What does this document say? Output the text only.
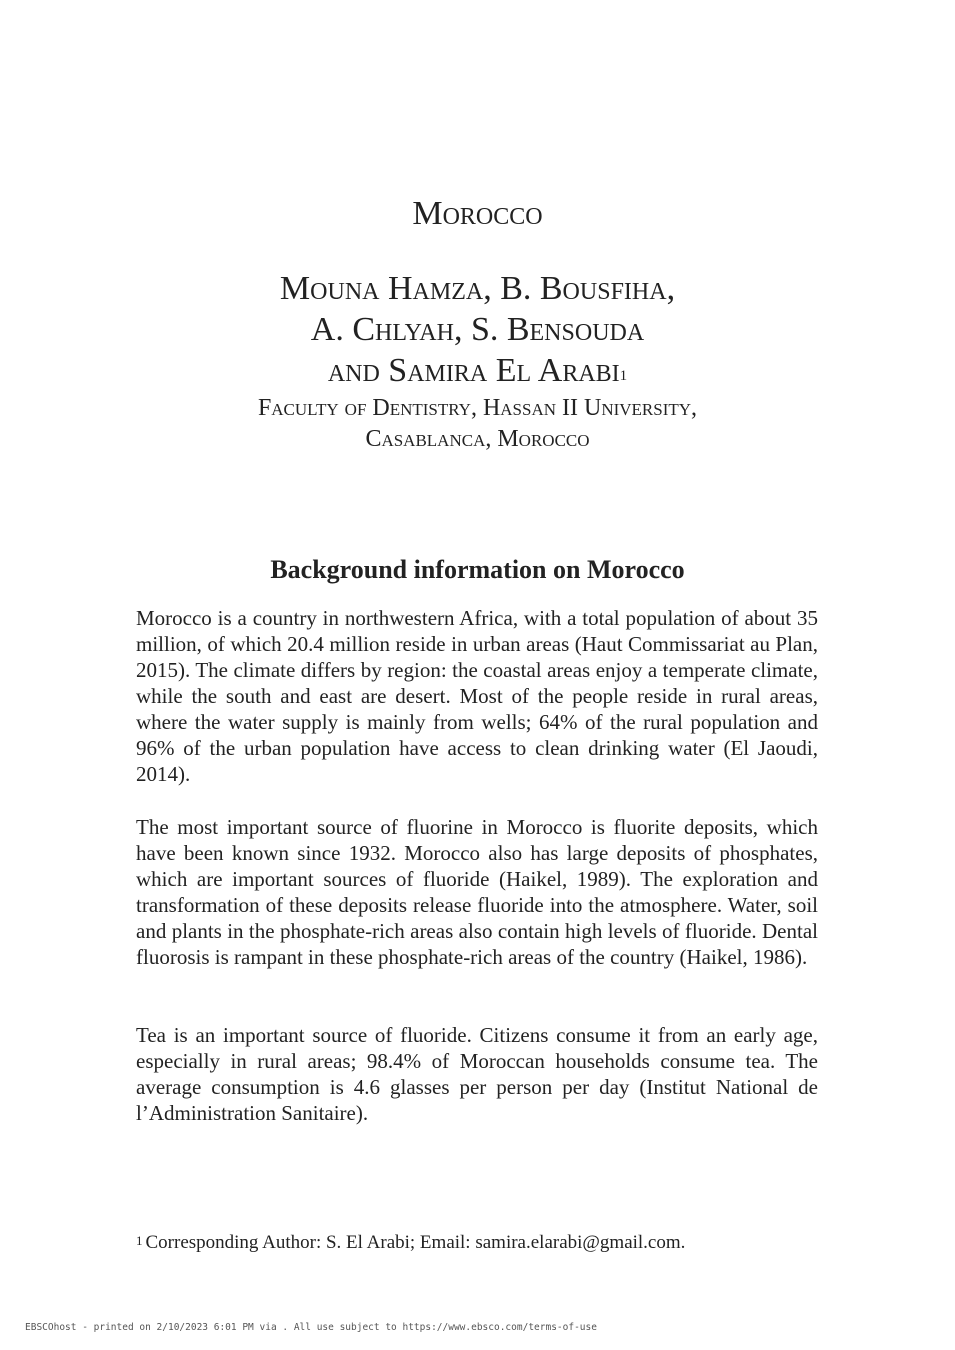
Morocco
Mouna Hamza, B. Bousfiha,
A. Chlyah, S. Bensouda
and Samira El Arabi$^1$
Faculty of Dentistry, Hassan II University,
Casablanca, Morocco
Background information on Morocco

Morocco is a country in northwestern Africa, with a total population of about 35 million, of which 20.4 million reside in urban areas (Haut Commissariat au Plan, 2015). The climate differs by region: the coastal areas enjoy a temperate climate, while the south and east are desert. Most of the people reside in rural areas, where the water supply is mainly from wells; 64% of the rural population and 96% of the urban population have access to clean drinking water (El Jaoudi, 2014).

The most important source of fluorine in Morocco is fluorite deposits, which have been known since 1932. Morocco also has large deposits of phosphates, which are important sources of fluoride (Haikel, 1989). The exploration and transformation of these deposits release fluoride into the atmosphere. Water, soil and plants in the phosphate-rich areas also contain high levels of fluoride. Dental fluorosis is rampant in these phosphate-rich areas of the country (Haikel, 1986).

Tea is an important source of fluoride. Citizens consume it from an early age, especially in rural areas; 98.4% of Moroccan households consume tea. The average consumption is 4.6 glasses per person per day (Institut National de l’Administration Sanitaire).

$^1$ Corresponding Author: S. El Arabi; Email: samira.elarabi@gmail.com.

EBSCOhost - printed on 2/10/2023 6:01 PM via . All use subject to https://www.ebsco.com/terms-of-use
